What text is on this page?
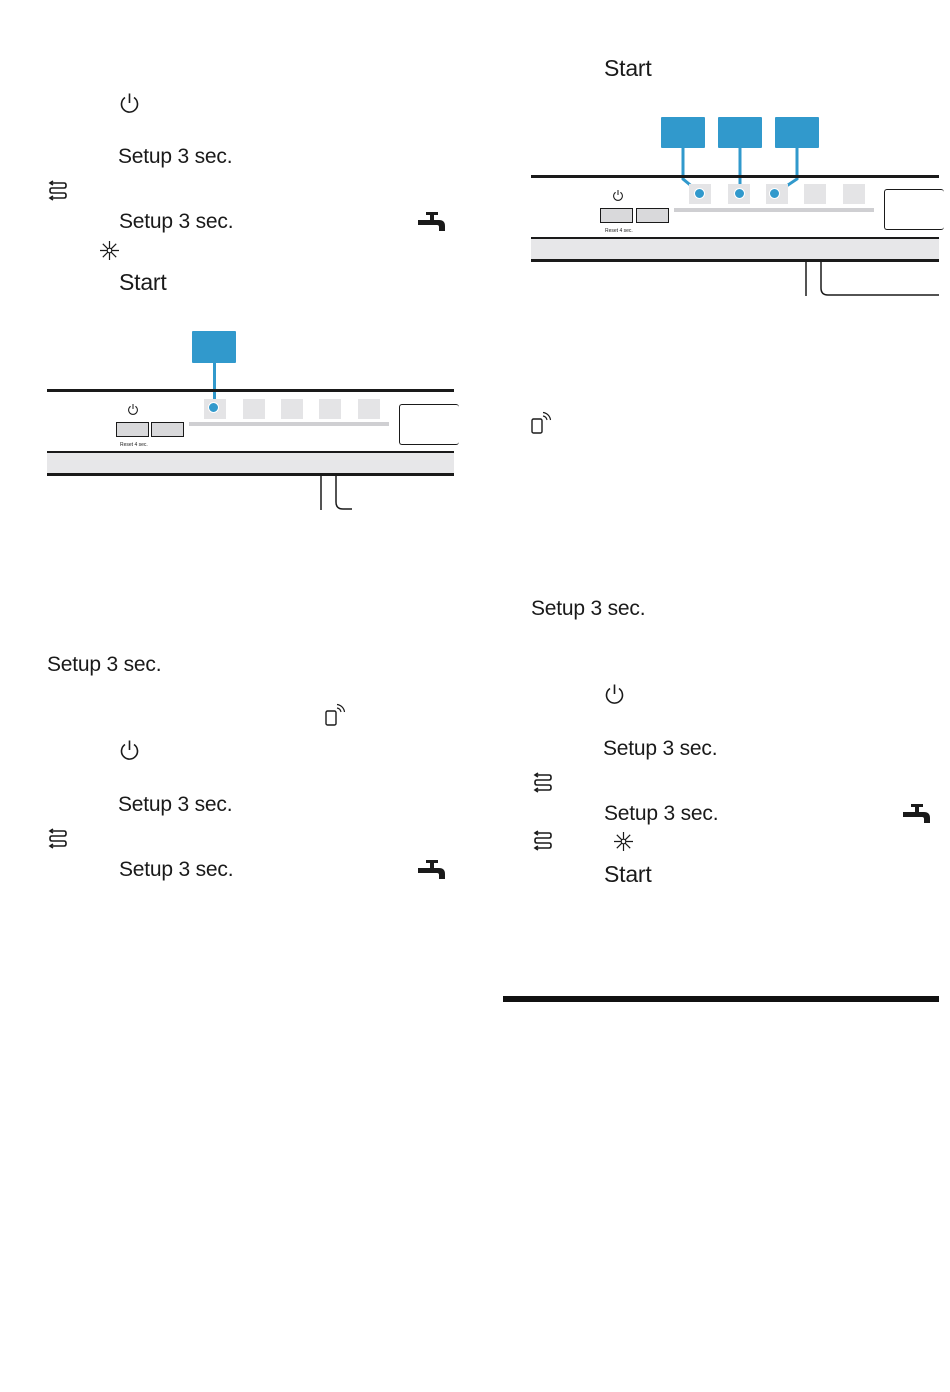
Setup 3 sec.
Setup 3 sec.
Start
Reset 4 sec.
Setup 3 sec.
Setup 3 sec.
Setup 3 sec.
Start
Reset 4 sec.
Setup 3 sec.
Setup 3 sec.
Setup 3 sec.
Start
